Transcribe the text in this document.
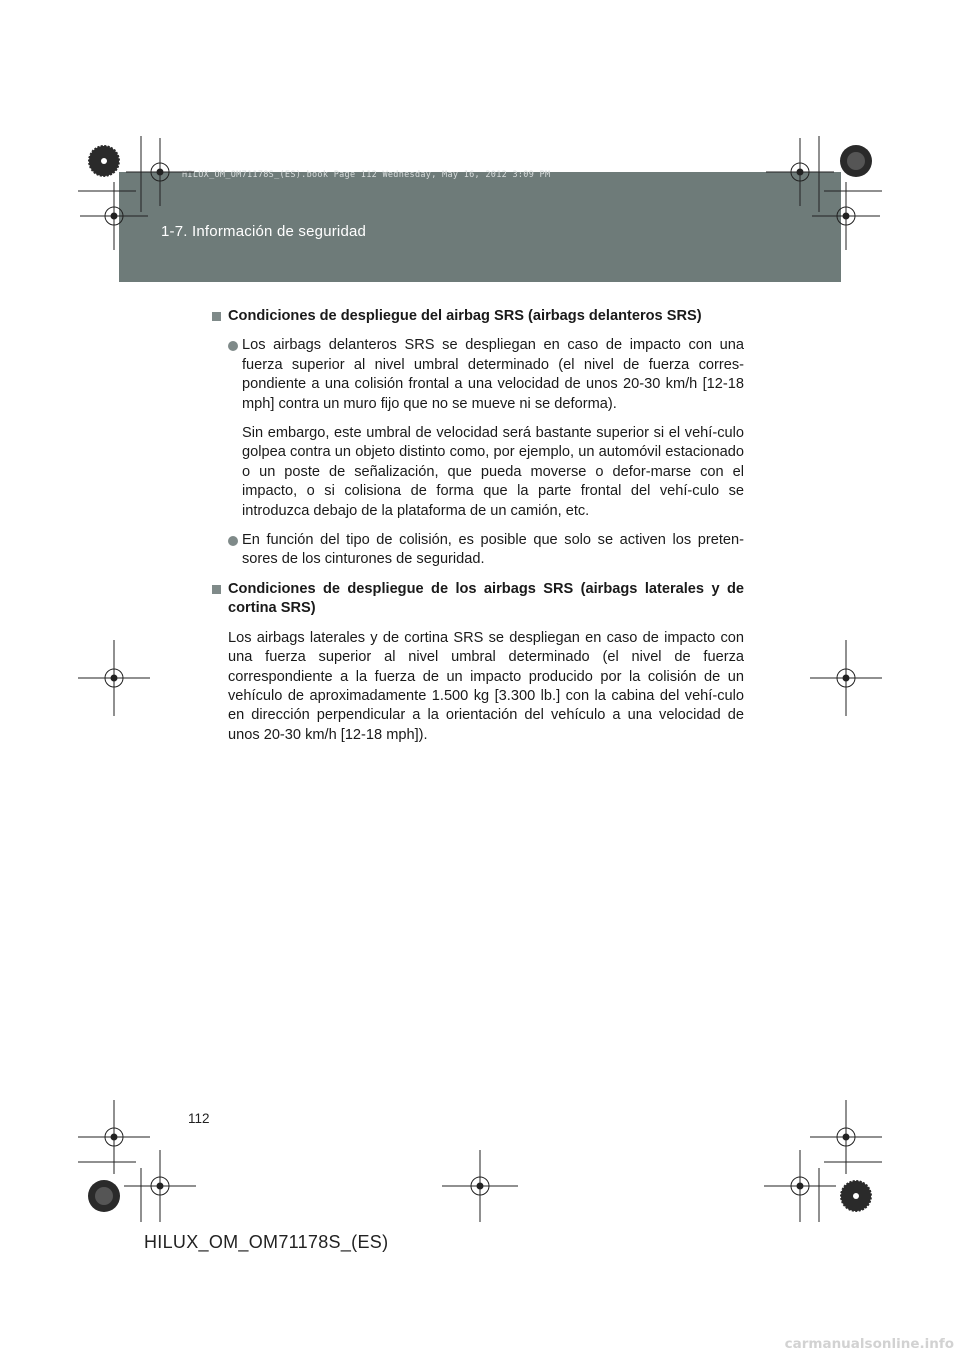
1-7. Información de seguridad
HILUX_OM_OM71178S_(ES).book Page 112 Wednesday, May 16, 2012 3:09 PM
Condiciones de despliegue del airbag SRS (airbags delanteros SRS)
Los airbags delanteros SRS se despliegan en caso de impacto con una fuerza superior al nivel umbral determinado (el nivel de fuerza corres-pondiente a una colisión frontal a una velocidad de unos 20-30 km/h [12-18 mph] contra un muro fijo que no se mueve ni se deforma).
Sin embargo, este umbral de velocidad será bastante superior si el vehí-culo golpea contra un objeto distinto como, por ejemplo, un automóvil estacionado o un poste de señalización, que pueda moverse o defor-marse con el impacto, o si colisiona de forma que la parte frontal del vehí-culo se introduzca debajo de la plataforma de un camión, etc.
En función del tipo de colisión, es posible que solo se activen los preten-sores de los cinturones de seguridad.
Condiciones de despliegue de los airbags SRS (airbags laterales y de cortina SRS)
Los airbags laterales y de cortina SRS se despliegan en caso de impacto con una fuerza superior al nivel umbral determinado (el nivel de fuerza correspondiente a la fuerza de un impacto producido por la colisión de un vehículo de aproximadamente 1.500 kg [3.300 lb.] con la cabina del vehí-culo en dirección perpendicular a la orientación del vehículo a una velocidad de unos 20-30 km/h [12-18 mph]).
112
HILUX_OM_OM71178S_(ES)
carmanualsonline.info
